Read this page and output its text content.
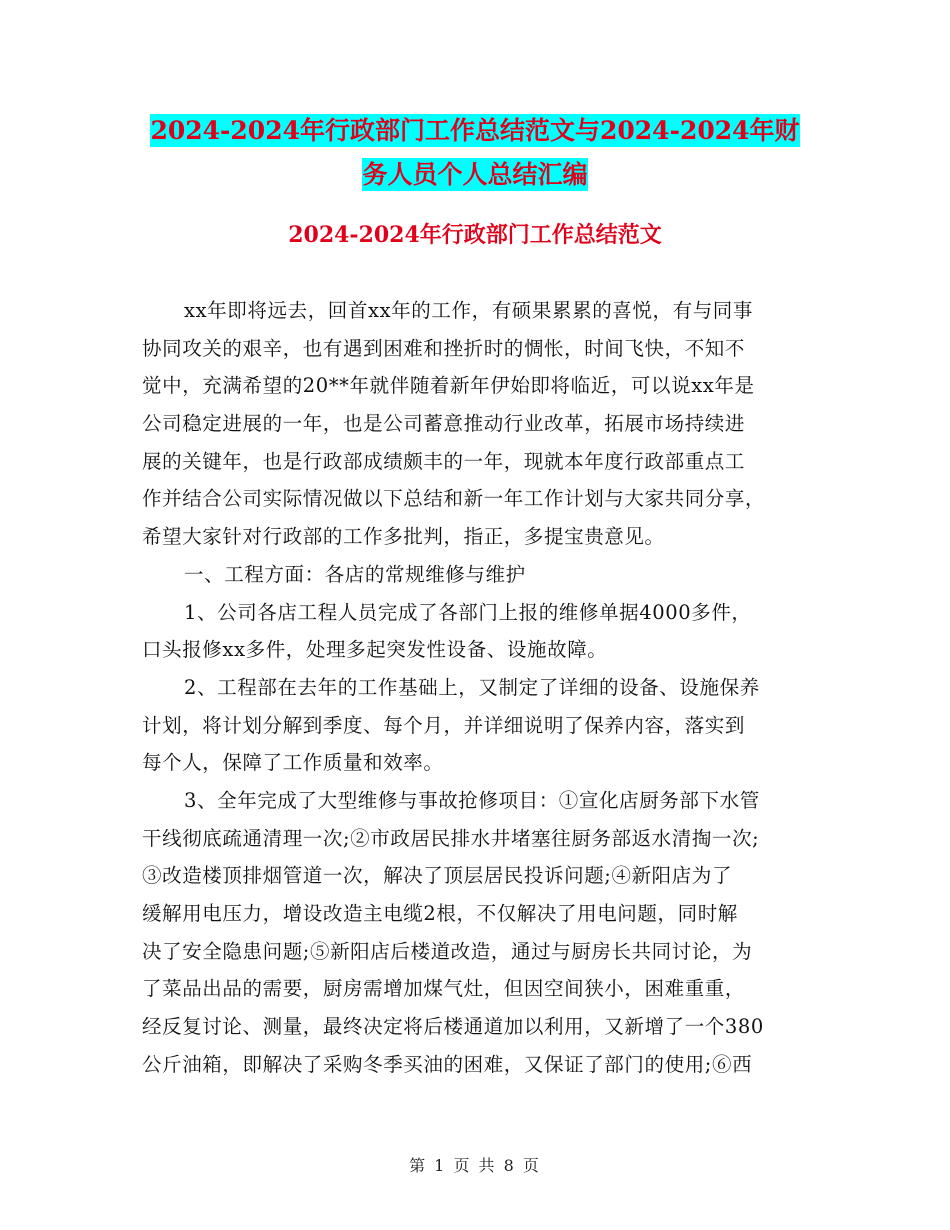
2024-2024年行政部门工作总结范文与2024-2024年财
务人员个人总结汇编
2024-2024年行政部门工作总结范文
xx年即将远去，回首xx年的工作，有硕果累累的喜悦，有与同事
协同攻关的艰辛，也有遇到困难和挫折时的惆怅，时间飞快，不知不
觉中，充满希望的20**年就伴随着新年伊始即将临近，可以说xx年是
公司稳定进展的一年，也是公司蓄意推动行业改革，拓展市场持续进
展的关键年，也是行政部成绩颇丰的一年，现就本年度行政部重点工
作并结合公司实际情况做以下总结和新一年工作计划与大家共同分享，
希望大家针对行政部的工作多批判，指正，多提宝贵意见。
一、工程方面：各店的常规维修与维护
1、公司各店工程人员完成了各部门上报的维修单据4000多件，
口头报修xx多件，处理多起突发性设备、设施故障。
2、工程部在去年的工作基础上，又制定了详细的设备、设施保养
计划，将计划分解到季度、每个月，并详细说明了保养内容，落实到
每个人，保障了工作质量和效率。
3、全年完成了大型维修与事故抢修项目：①宣化店厨务部下水管
干线彻底疏通清理一次;②市政居民排水井堵塞往厨务部返水清掏一次;
③改造楼顶排烟管道一次，解决了顶层居民投诉问题;④新阳店为了
缓解用电压力，增设改造主电缆2根，不仅解决了用电问题，同时解
决了安全隐患问题;⑤新阳店后楼道改造，通过与厨房长共同讨论，为
了菜品出品的需要，厨房需增加煤气灶，但因空间狭小，困难重重，
经反复讨论、测量，最终决定将后楼通道加以利用，又新增了一个380
公斤油箱，即解决了采购冬季买油的困难，又保证了部门的使用;⑥西
第 1 页 共 8 页
